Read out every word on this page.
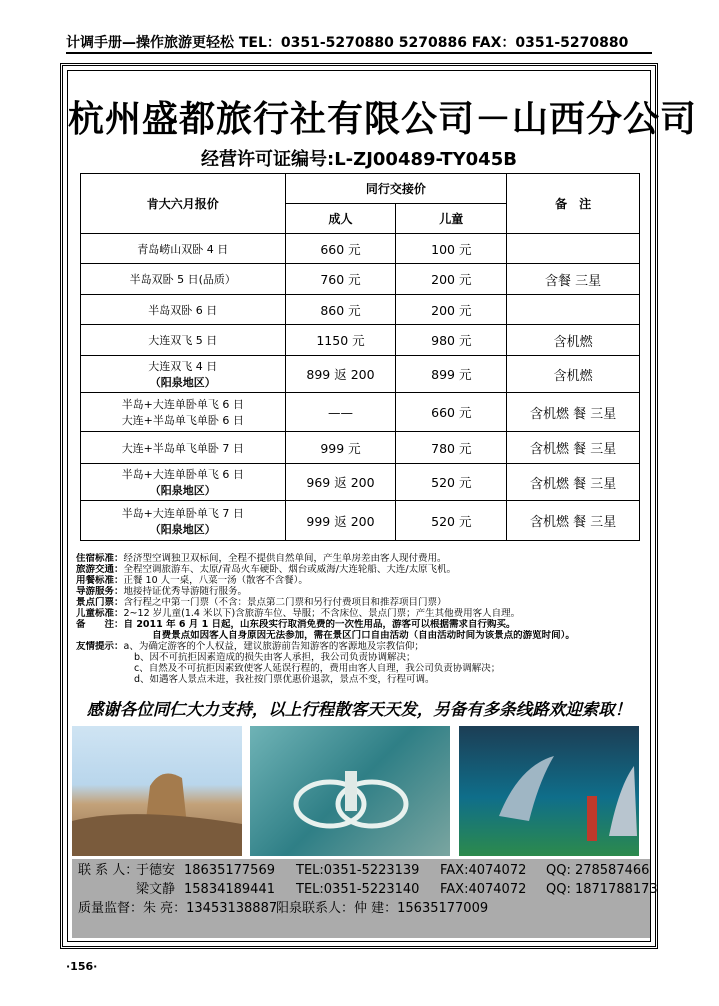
计调手册—操作旅游更轻松 TEL：0351-5270880 5270886 FAX：0351-5270880
杭州盛都旅行社有限公司－山西分公司
经营许可证编号:L-ZJ00489-TY045B
肯大六月报价	同行交接价		备　注
	成人	儿童	

青岛崂山双卧 4 日	660 元	100 元	

半岛双卧 5 日(品质）	760 元	200 元	含餐 三星

半岛双卧 6 日	860 元	200 元	

大连双飞 5 日	1150 元	980 元	含机燃

大连双飞 4 日
（阳泉地区）	899 返 200	899 元	含机燃

半岛+大连单卧单飞 6 日
大连+半岛单飞单卧 6 日	——	660 元	含机燃 餐 三星

大连+半岛单飞单卧 7 日	999 元	780 元	含机燃 餐 三星

半岛+大连单卧单飞 6 日
（阳泉地区）	969 返 200	520 元	含机燃 餐 三星

半岛+大连单卧单飞 7 日
（阳泉地区）	999 返 200	520 元	含机燃 餐 三星
住宿标准：经济型空调独卫双标间，全程不提供自然单间，产生单房差由客人现付费用。
旅游交通：全程空调旅游车、太原/青岛火车硬卧、烟台或威海/大连轮船、大连/太原飞机。
用餐标准：正餐 10 人一桌，八菜一汤（散客不含餐）。
导游服务：地接持证优秀导游随行服务。
景点门票：含行程之中第一门票（不含：景点第二门票和另行付费项目和推荐项目门票）
儿童标准：2~12 岁儿童(1.4 米以下)含旅游车位、导服；不含床位、景点门票；产生其他费用客人自理。
备　　注：自 2011 年 6 月 1 日起，山东段实行取消免费的一次性用品，游客可以根据需求自行购买。
自费景点如因客人自身原因无法参加，需在景区门口自由活动（自由活动时间为该景点的游览时间）。
友情提示：a、为确定游客的个人权益，建议旅游前告知游客的客源地及宗教信仰；
b、因不可抗拒因素造成的损失由客人承担，我公司负责协调解决；
c、自然及不可抗拒因素致使客人延误行程的，费用由客人自理，我公司负责协调解决；
d、如遇客人景点未进，我社按门票优惠价退款，景点不变，行程可调。
感谢各位同仁大力支持，以上行程散客天天发，另备有多条线路欢迎索取！
联 系 人：
于德安 18635177569 TEL:0351-5223139 FAX:4074072 QQ: 278587466
梁文静 15834189441 TEL:0351-5223140 FAX:4074072 QQ: 1871788173
质量监督：朱 亮：13453138887
阳泉联系人：仲 建：15635177009
·156·
